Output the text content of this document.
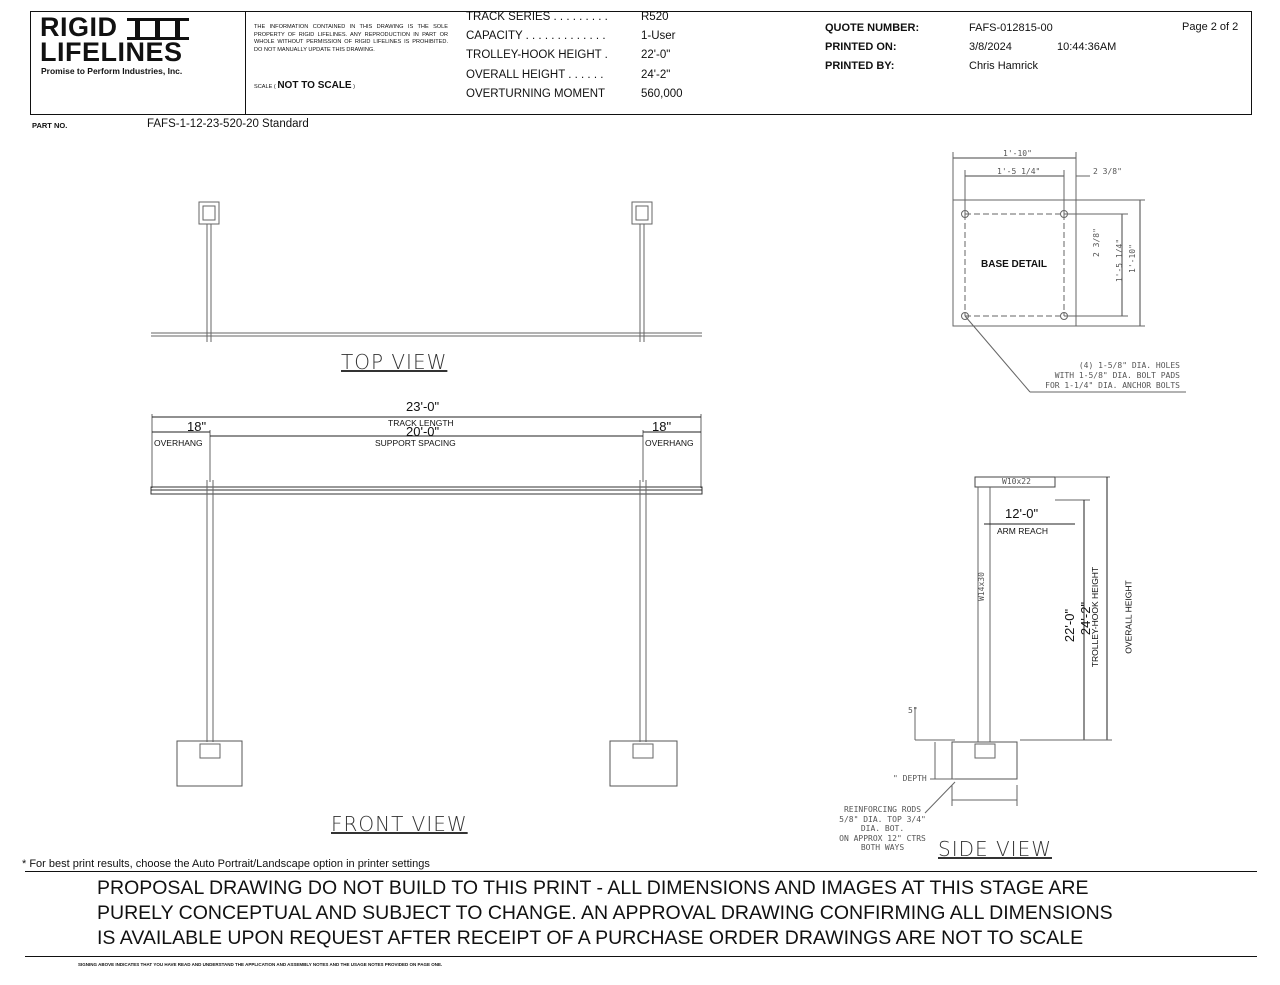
RIGID
LIFELINES
Promise to Perform Industries, Inc.
THE INFORMATION CONTAINED IN THIS DRAWING IS THE SOLE PROPERTY OF RIGID LIFELINES. ANY REPRODUCTION IN PART OR WHOLE WITHOUT PERMISSION OF RIGID LIFELINES IS PROHIBITED. DO NOT MANUALLY UPDATE THIS DRAWING.
SCALE ( NOT TO SCALE )
TRACK SERIES . . . . . . . . .	R520
CAPACITY . . . . . . . . . . . . .	1-User
TROLLEY-HOOK HEIGHT .	22'-0"
OVERALL HEIGHT . . . . . .	24'-2"
OVERTURNING MOMENT	560,000
QUOTE NUMBER:	FAFS-012815-00
PRINTED ON:	3/8/2024	10:44:36AM
PRINTED BY:	Chris Hamrick
Page 2 of 2
PART NO.	FAFS-1-12-23-520-20 Standard
TOP VIEW
FRONT VIEW
SIDE VIEW
23'-0"
TRACK LENGTH
20'-0"
SUPPORT SPACING
18"
OVERHANG
18"
OVERHANG
1'-10"
1'-5 1/4"	2 3/8"
BASE DETAIL
2 3/8" 1'-5 1/4" 1'-10"
(4) 1-5/8" DIA. HOLES
WITH 1-5/8" DIA. BOLT PADS
FOR 1-1/4" DIA. ANCHOR BOLTS
W10x22
W14x30
12'-0"
ARM REACH
22'-0" 24'-2"
TROLLEY-HOOK HEIGHT	OVERALL HEIGHT
5"
" DEPTH
REINFORCING RODS
5/8" DIA. TOP 3/4"
DIA. BOT.
ON APPROX 12" CTRS
BOTH WAYS
* For best print results, choose the Auto Portrait/Landscape option in printer settings
PROPOSAL DRAWING DO NOT BUILD TO THIS PRINT - ALL DIMENSIONS AND IMAGES AT THIS STAGE ARE
PURELY CONCEPTUAL AND SUBJECT TO CHANGE. AN APPROVAL DRAWING CONFIRMING ALL DIMENSIONS
IS AVAILABLE UPON REQUEST AFTER RECEIPT OF A PURCHASE ORDER DRAWINGS ARE NOT TO SCALE
SIGNING ABOVE INDICATES THAT YOU HAVE READ AND UNDERSTAND THE APPLICATION AND ASSEMBLY NOTES AND THE USAGE NOTES PROVIDED ON PAGE ONE.
